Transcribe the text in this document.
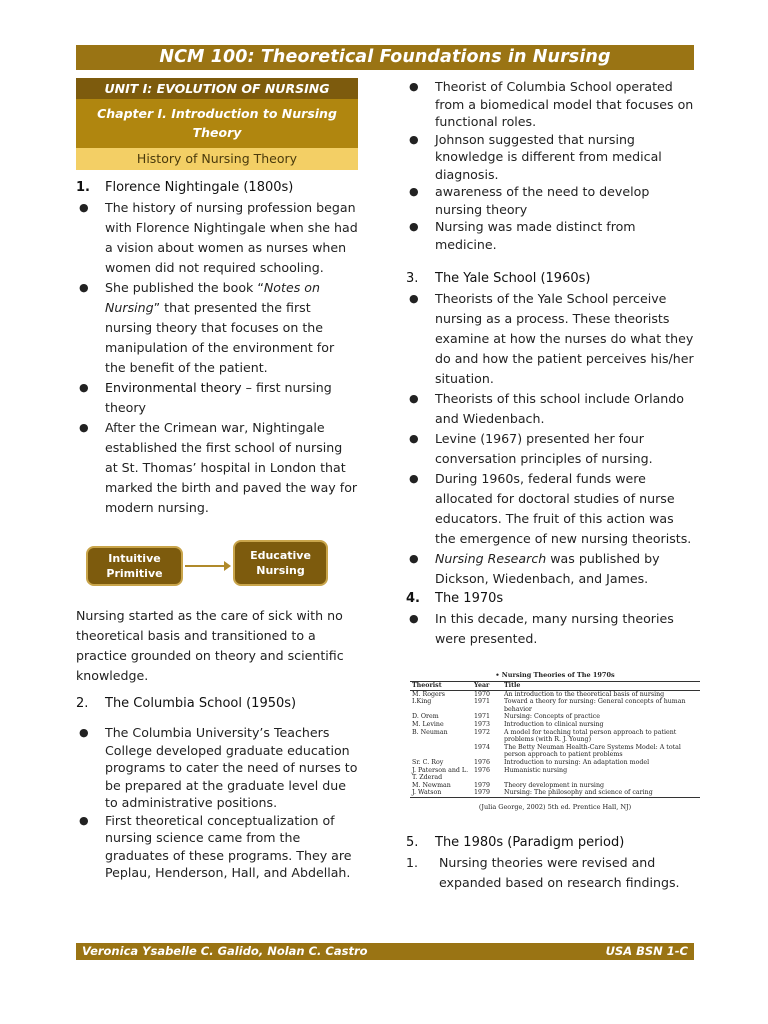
NCM 100: Theoretical Foundations in Nursing
UNIT I: EVOLUTION OF NURSING
Chapter I. Introduction to Nursing Theory
History of Nursing Theory
1.	Florence Nightingale (1800s)
●	The history of nursing profession began with Florence Nightingale when she had a vision about women as nurses when women did not required schooling.
●	She published the book “Notes on Nursing” that presented the first nursing theory that focuses on the manipulation of the environment for the benefit of the patient.
●	Environmental theory – first nursing theory
●	After the Crimean war, Nightingale established the first school of nursing at St. Thomas’ hospital in London that marked the birth and paved the way for modern nursing.
Intuitive Primitive
Educative Nursing
Nursing started as the care of sick with no theoretical basis and transitioned to a practice grounded on theory and scientific knowledge.
2.	The Columbia School (1950s)
●	The Columbia University’s Teachers College developed graduate education programs to cater the need of nurses to be prepared at the graduate level due to administrative positions.
●	First theoretical conceptualization of nursing science came from the graduates of these programs. They are Peplau, Henderson, Hall, and Abdellah.
●	Theorist of Columbia School operated from a biomedical model that focuses on functional roles.
●	Johnson suggested that nursing knowledge is different from medical diagnosis.
●	awareness of the need to develop nursing theory
●	Nursing was made distinct from medicine.
3.	The Yale School (1960s)
●	Theorists of the Yale School perceive nursing as a process. These theorists examine at how the nurses do what they do and how the patient perceives his/her situation.
●	Theorists of this school include Orlando and Wiedenbach.
●	Levine (1967) presented her four conversation principles of nursing.
●	During 1960s, federal funds were allocated for doctoral studies of nurse educators. The fruit of this action was the emergence of new nursing theorists.
●	Nursing Research was published by Dickson, Wiedenbach, and James.
4.	The 1970s
●	In this decade, many nursing theories were presented.
• Nursing Theories of The 1970s
Theorist	Year	Title
M. Rogers	1970	An introduction to the theoretical basis of nursing
I.King	1971	Toward a theory for nursing: General concepts of human behavior
D. Orem	1971	Nursing: Concepts of practice
M. Levine	1973	Introduction to clinical nursing
B. Neuman	1972	A model for teaching total person approach to patient problems (with R. J. Young)
	1974	The Betty Neuman Health-Care Systems Model: A total person approach to patient problems
Sr. C. Roy	1976	Introduction to nursing: An adaptation model
J. Paterson and L. T. Zderad	1976	Humanistic nursing
M. Newman	1979	Theory development in nursing
J. Watson	1979	Nursing: The philosophy and science of caring
(Julia George, 2002) 5th ed. Prentice Hall, NJ)
5.	The 1980s (Paradigm period)
1.	Nursing theories were revised and expanded based on research findings.
Veronica Ysabelle C. Galido, Nolan C. Castro	USA BSN 1-C
